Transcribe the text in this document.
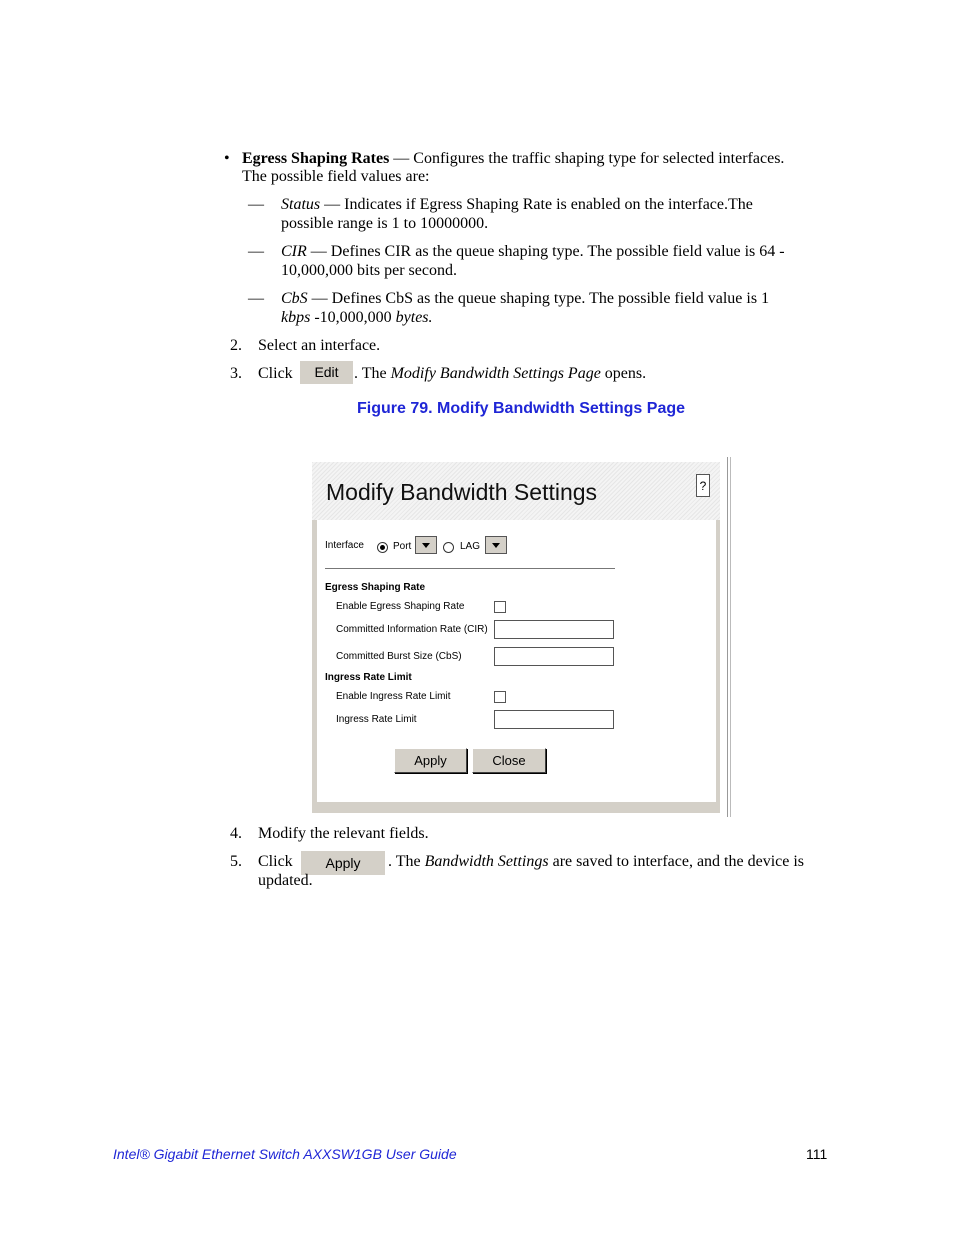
• Egress Shaping Rates — Configures the traffic shaping type for selected interfaces.
The possible field values are:
— Status — Indicates if Egress Shaping Rate is enabled on the interface.The
possible range is 1 to 10000000.
— CIR — Defines CIR as the queue shaping type. The possible field value is 64 -
10,000,000 bits per second.
— CbS — Defines CbS as the queue shaping type. The possible field value is 1
kbps -10,000,000 bytes.
2. Select an interface.
3. Click	Edit . The Modify Bandwidth Settings Page opens.
Figure 79. Modify Bandwidth Settings Page
Modify Bandwidth Settings	?
Interface	Port	LAG
Egress Shaping Rate
Enable Egress Shaping Rate
Committed Information Rate (CIR)
Committed Burst Size (CbS)
Ingress Rate Limit
Enable Ingress Rate Limit
Ingress Rate Limit
Apply	Close
4. Modify the relevant fields.
5. Click	Apply	. The Bandwidth Settings are saved to interface, and the device is
updated.
Intel® Gigabit Ethernet Switch AXXSW1GB User Guide	111
